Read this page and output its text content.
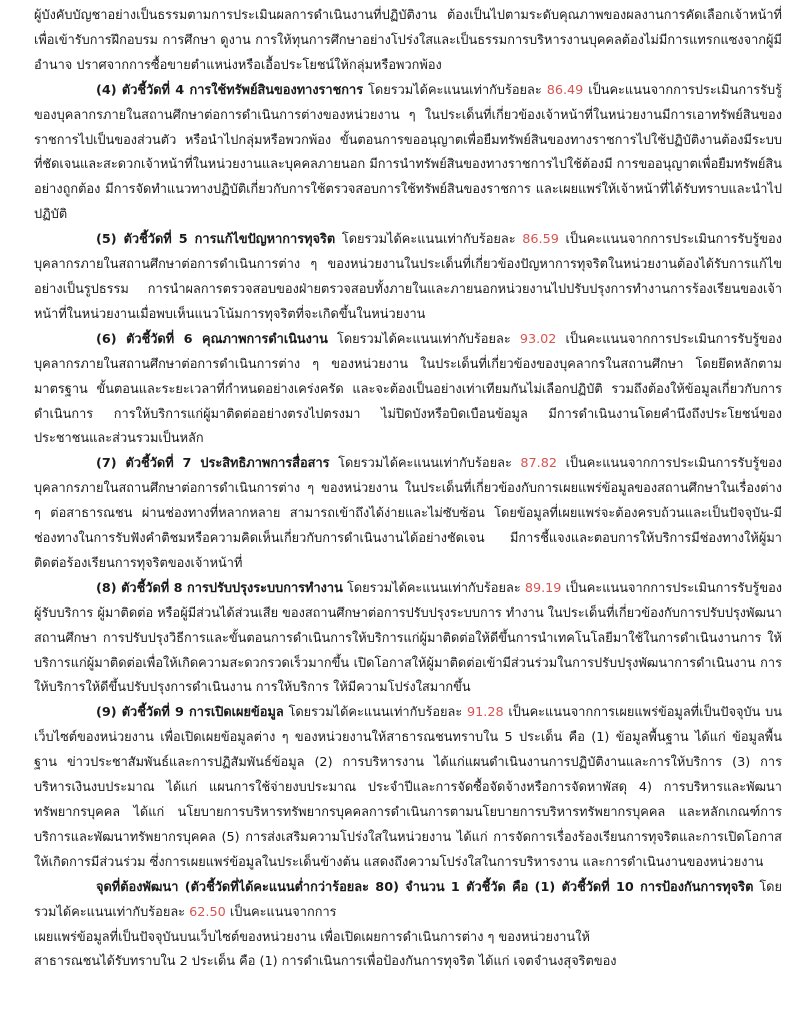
ผู้บังคับบัญชาอย่างเป็นธรรมตามการประเมินผลการดำเนินงานที่ปฏิบัติงาน ต้องเป็นไปตามระดับคุณภาพของผลงานการคัดเลือกเจ้าหน้าที่เพื่อเข้ารับการฝึกอบรม การศึกษา ดูงาน การให้ทุนการศึกษาอย่างโปร่งใสและเป็นธรรมการบริหารงานบุคคลต้องไม่มีการแทรกแซงจากผู้มีอำนาจ ปราศจากการซื้อขายตำแหน่งหรือเอื้อประโยชน์ให้กลุ่มหรือพวกพ้อง

(4) ตัวชี้วัดที่ 4 การใช้ทรัพย์สินของทางราชการ โดยรวมได้คะแนนเท่ากับร้อยละ 86.49 เป็นคะแนนจากการประเมินการรับรู้ของบุคลากรภายในสถานศึกษาต่อการดำเนินการต่างของหน่วยงาน ๆ ในประเด็นที่เกี่ยวข้องเจ้าหน้าที่ในหน่วยงานมีการเอาทรัพย์สินของราชการไปเป็นของส่วนตัว หรือนำไปกลุ่มหรือพวกพ้อง ขั้นตอนการขออนุญาตเพื่อยืมทรัพย์สินของทางราชการไปใช้ปฏิบัติงานต้องมีระบบ ที่ชัดเจนและสะดวกเจ้าหน้าที่ในหน่วยงานและบุคคลภายนอก มีการนำทรัพย์สินของทางราชการไปใช้ต้องมี การขออนุญาตเพื่อยืมทรัพย์สินอย่างถูกต้อง มีการจัดทำแนวทางปฏิบัติเกี่ยวกับการใช้ตรวจสอบการใช้ทรัพย์สินของราชการ และเผยแพร่ให้เจ้าหน้าที่ได้รับทราบและนำไปปฏิบัติ

(5) ตัวชี้วัดที่ 5 การแก้ไขปัญหาการทุจริต โดยรวมได้คะแนนเท่ากับร้อยละ 86.59 เป็นคะแนนจากการประเมินการรับรู้ของบุคลากรภายในสถานศึกษาต่อการดำเนินการต่าง ๆ ของหน่วยงานในประเด็นที่เกี่ยวข้องปัญหาการทุจริตในหน่วยงานต้องได้รับการแก้ไขอย่างเป็นรูปธรรม การนำผลการตรวจสอบของฝ่ายตรวจสอบทั้งภายในและภายนอกหน่วยงานไปปรับปรุงการทำงานการร้องเรียนของเจ้าหน้าที่ในหน่วยงานเมื่อพบเห็นแนวโน้มการทุจริตที่จะเกิดขึ้นในหน่วยงาน

(6) ตัวชี้วัดที่ 6 คุณภาพการดำเนินงาน โดยรวมได้คะแนนเท่ากับร้อยละ 93.02 เป็นคะแนนจากการประเมินการรับรู้ของบุคลากรภายในสถานศึกษาต่อการดำเนินการต่าง ๆ ของหน่วยงาน ในประเด็นที่เกี่ยวข้องของบุคลากรในสถานศึกษา โดยยึดหลักตามมาตรฐาน ขั้นตอนและระยะเวลาที่กำหนดอย่างเคร่งครัด และจะต้องเป็นอย่างเท่าเทียมกันไม่เลือกปฏิบัติ รวมถึงต้องให้ข้อมูลเกี่ยวกับการดำเนินการ การให้บริการแก่ผู้มาติดต่ออย่างตรงไปตรงมา ไม่ปิดบังหรือบิดเบือนข้อมูล มีการดำเนินงานโดยคำนึงถึงประโยชน์ของประชาชนและส่วนรวมเป็นหลัก

(7) ตัวชี้วัดที่ 7 ประสิทธิภาพการสื่อสาร โดยรวมได้คะแนนเท่ากับร้อยละ 87.82 เป็นคะแนนจากการประเมินการรับรู้ของบุคลากรภายในสถานศึกษาต่อการดำเนินการต่าง ๆ ของหน่วยงาน ในประเด็นที่เกี่ยวข้องกับการเผยแพร่ข้อมูลของสถานศึกษาในเรื่องต่าง ๆ ต่อสาธารณชน ผ่านช่องทางที่หลากหลาย สามารถเข้าถึงได้ง่ายและไม่ซับซ้อน โดยข้อมูลที่เผยแพร่จะต้องครบถ้วนและเป็นปัจจุบัน-มีช่องทางในการรับฟังคำติชมหรือความคิดเห็นเกี่ยวกับการดำเนินงานได้อย่างชัดเจน มีการชี้แจงและตอบการให้บริการมีช่องทางให้ผู้มาติดต่อร้องเรียนการทุจริตของเจ้าหน้าที่

(8) ตัวชี้วัดที่ 8 การปรับปรุงระบบการทำงาน โดยรวมได้คะแนนเท่ากับร้อยละ 89.19 เป็นคะแนนจากการประเมินการรับรู้ของผู้รับบริการ ผู้มาติดต่อ หรือผู้มีส่วนได้ส่วนเสีย ของสถานศึกษาต่อการปรับปรุงระบบการ ทำงาน ในประเด็นที่เกี่ยวข้องกับการปรับปรุงพัฒนาสถานศึกษา การปรับปรุงวิธีการและขั้นตอนการดำเนินการให้บริการแก่ผู้มาติดต่อให้ดีขึ้นการนำเทคโนโลยีมาใช้ในการดำเนินงานการ ให้บริการแก่ผู้มาติดต่อเพื่อให้เกิดความสะดวกรวดเร็วมากขึ้น เปิดโอกาสให้ผู้มาติดต่อเข้ามีส่วนร่วมในการปรับปรุงพัฒนาการดำเนินงาน การให้บริการให้ดีขึ้นปรับปรุงการดำเนินงาน การให้บริการ ให้มีความโปร่งใสมากขึ้น

(9) ตัวชี้วัดที่ 9 การเปิดเผยข้อมูล โดยรวมได้คะแนนเท่ากับร้อยละ 91.28 เป็นคะแนนจากการเผยแพร่ข้อมูลที่เป็นปัจจุบัน บนเว็บไซต์ของหน่วยงาน เพื่อเปิดเผยข้อมูลต่าง ๆ ของหน่วยงานให้สาธารณชนทราบใน 5 ประเด็น คือ (1) ข้อมูลพื้นฐาน ได้แก่ ข้อมูลพื้นฐาน ข่าวประชาสัมพันธ์และการปฏิสัมพันธ์ข้อมูล (2) การบริหารงาน ได้แก่แผนดำเนินงานการปฏิบัติงานและการให้บริการ (3) การบริหารเงินงบประมาณ ได้แก่ แผนการใช้จ่ายงบประมาณ ประจำปีและการจัดซื้อจัดจ้างหรือการจัดหาพัสดุ 4) การบริหารและพัฒนาทรัพยากรบุคคล ได้แก่ นโยบายการบริหารทรัพยากรบุคคลการดำเนินการตามนโยบายการบริหารทรัพยากรบุคคล และหลักเกณฑ์การบริการและพัฒนาทรัพยากรบุคคล (5) การส่งเสริมความโปร่งใสในหน่วยงาน ได้แก่ การจัดการเรื่องร้องเรียนการทุจริตและการเปิดโอกาสให้เกิดการมีส่วนร่วม ซึ่งการเผยแพร่ข้อมูลในประเด็นข้างต้น แสดงถึงความโปร่งใสในการบริหารงาน และการดำเนินงานของหน่วยงาน

จุดที่ต้องพัฒนา (ตัวชี้วัดที่ได้คะแนนต่ำกว่าร้อยละ 80) จำนวน 1 ตัวชี้วัด คือ (1) ตัวชี้วัดที่ 10 การป้องกันการทุจริต โดยรวมได้คะแนนเท่ากับร้อยละ 62.50 เป็นคะแนนจากการ

เผยแพร่ข้อมูลที่เป็นปัจจุบันบนเว็บไซต์ของหน่วยงาน เพื่อเปิดเผยการดำเนินการต่าง ๆ ของหน่วยงานให้

สาธารณชนได้รับทราบใน 2 ประเด็น คือ (1) การดำเนินการเพื่อป้องกันการทุจริต ได้แก่ เจตจำนงสุจริตของ
